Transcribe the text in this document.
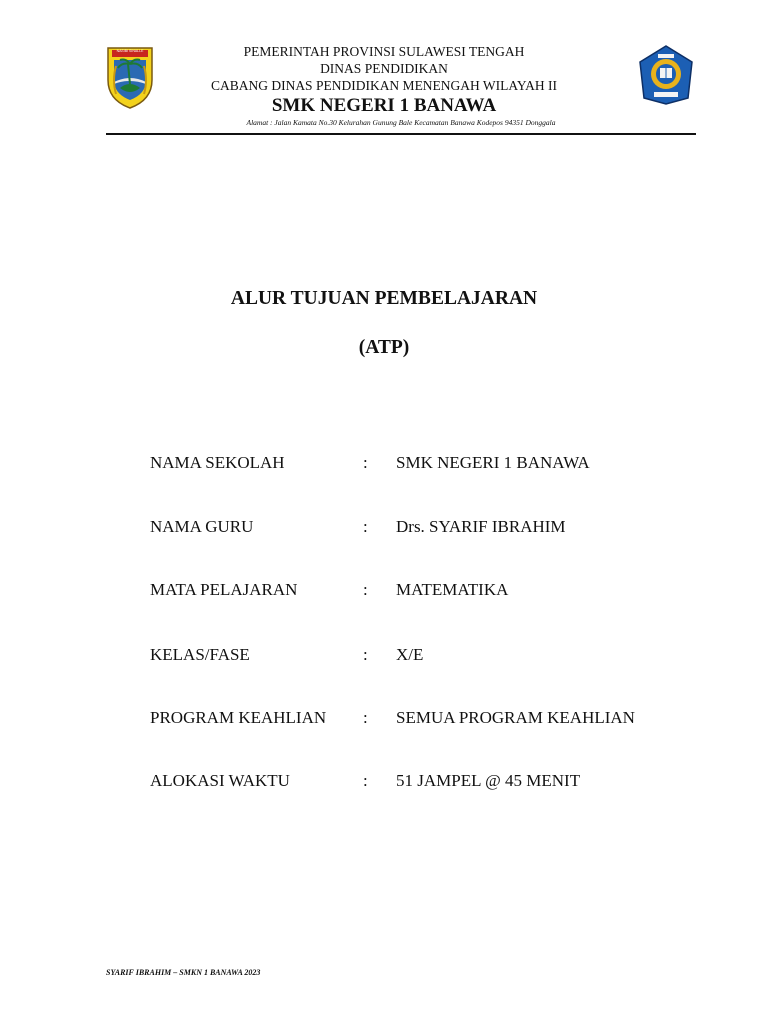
NASIBI SINALLE	PEMERINTAH PROVINSI SULAWESI TENGAH
DINAS PENDIDIKAN
CABANG DINAS PENDIDIKAN MENENGAH WILAYAH II
SMK NEGERI 1 BANAWA
Alamat : Jalan Kamata No.30 Kelurahan Gunung Bale Kecamatan Banawa Kodepos 94351 Donggala
ALUR TUJUAN PEMBELAJARAN
(ATP)
NAMA SEKOLAH	: SMK NEGERI 1 BANAWA
NAMA GURU	: Drs. SYARIF IBRAHIM
MATA PELAJARAN	: MATEMATIKA
KELAS/FASE	: X/E
PROGRAM KEAHLIAN : SEMUA PROGRAM KEAHLIAN
ALOKASI WAKTU	: 51 JAMPEL @ 45 MENIT
SYARIF IBRAHIM – SMKN 1 BANAWA 2023
